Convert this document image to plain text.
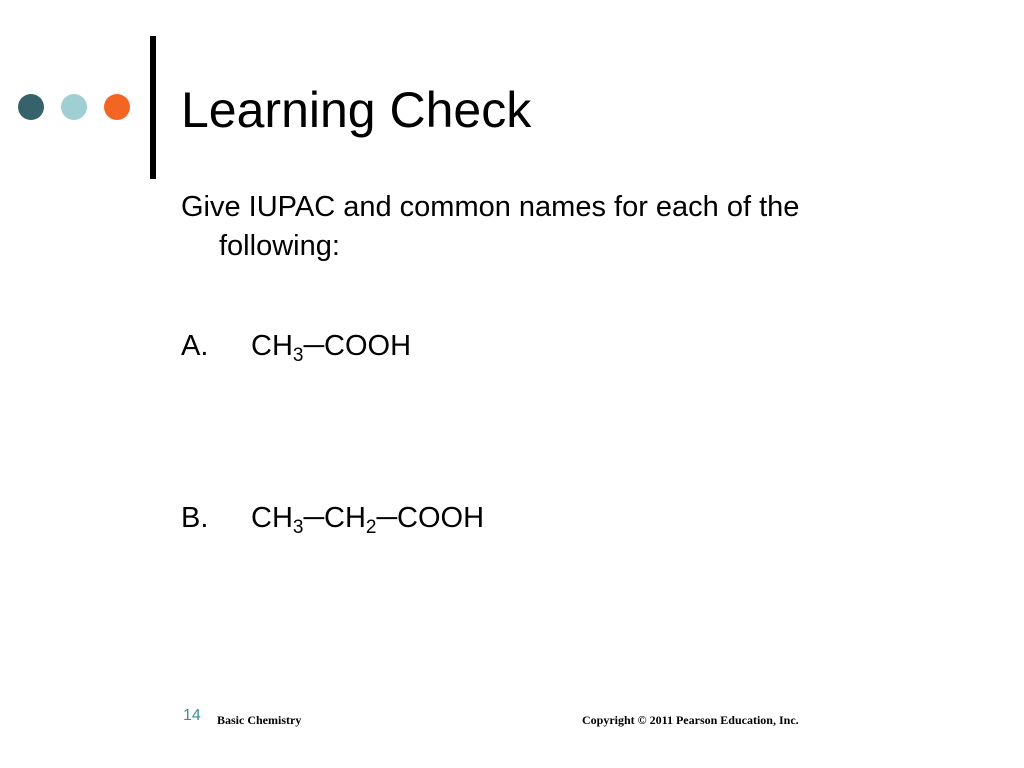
Learning Check
Give IUPAC and common names for each of the
following:
A. $CH_3─COOH$
B. $CH_3─CH_2─COOH$
14 Basic Chemistry	Copyright © 2011 Pearson Education, Inc.
